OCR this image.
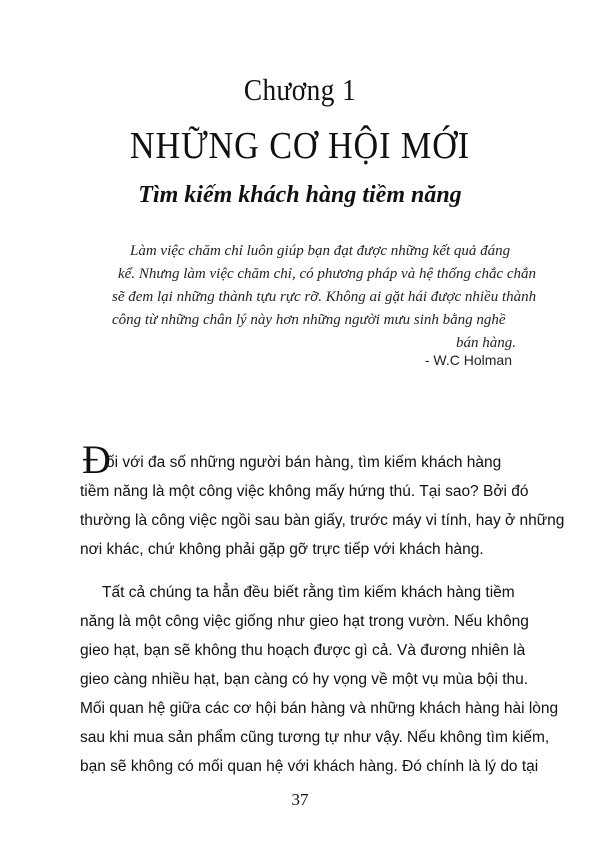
Chương 1
NHỮNG CƠ HỘI MỚI
Tìm kiếm khách hàng tiềm năng
Làm việc chăm chỉ luôn giúp bạn đạt được những kết quả đáng
kể. Nhưng làm việc chăm chỉ, có phương pháp và hệ thống chắc chắn
sẽ đem lại những thành tựu rực rỡ. Không ai gặt hái được nhiều thành
công từ những chân lý này hơn những người mưu sinh bằng nghề
bán hàng.
- W.C Holman
Đ
ối với đa số những người bán hàng, tìm kiếm khách hàng
tiềm năng là một công việc không mấy hứng thú. Tại sao? Bởi đó
thường là công việc ngồi sau bàn giấy, trước máy vi tính, hay ở những
nơi khác, chứ không phải gặp gỡ trực tiếp với khách hàng.
Tất cả chúng ta hẳn đều biết rằng tìm kiếm khách hàng tiềm
năng là một công việc giống như gieo hạt trong vườn. Nếu không
gieo hạt, bạn sẽ không thu hoạch được gì cả. Và đương nhiên là
gieo càng nhiều hạt, bạn càng có hy vọng về một vụ mùa bội thu.
Mối quan hệ giữa các cơ hội bán hàng và những khách hàng hài lòng
sau khi mua sản phẩm cũng tương tự như vậy. Nếu không tìm kiếm,
bạn sẽ không có mối quan hệ với khách hàng. Đó chính là lý do tại
37
